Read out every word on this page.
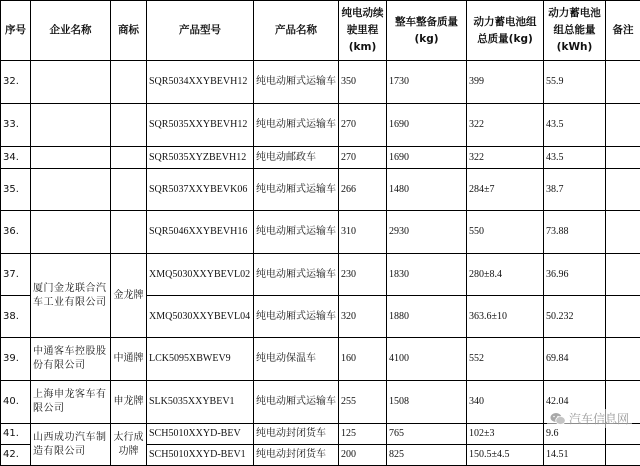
序号	企业名称	商标	产品型号	产品名称	纯电动续驶里程(km)	整车整备质量(kg)	动力蓄电池组总质量(kg)	动力蓄电池组总能量(kWh)	备注
32.			SQR5034XXYBEVH12	纯电动厢式运输车	350	1730	399	55.9	
33.			SQR5035XXYBEVH12	纯电动厢式运输车	270	1690	322	43.5	
34.			SQR5035XYZBEVH12	纯电动邮政车	270	1690	322	43.5	
35.			SQR5037XXYBEVK06	纯电动厢式运输车	266	1480	284±7	38.7	
36.			SQR5046XXYBEVH16	纯电动厢式运输车	310	2930	550	73.88	
37.	厦门金龙联合汽车工业有限公司	金龙牌	XMQ5030XXYBEVL02	纯电动厢式运输车	230	1830	280±8.4	36.96	
38.			XMQ5030XXYBEVL04	纯电动厢式运输车	320	1880	363.6±10	50.232	
39.	中通客车控股股份有限公司	中通牌	LCK5095XBWEV9	纯电动保温车	160	4100	552	69.84	
40.	上海申龙客车有限公司	申龙牌	SLK5035XXYBEV1	纯电动厢式运输车	255	1508	340	42.04	
41.	山西成功汽车制造有限公司	太行成功牌	SCH5010XXYD-BEV	纯电动封闭货车	125	765	102±3	9.6	
42.			SCH5010XXYD-BEV1	纯电动封闭货车	200	825	150.5±4.5	14.51	
汽车信息网
